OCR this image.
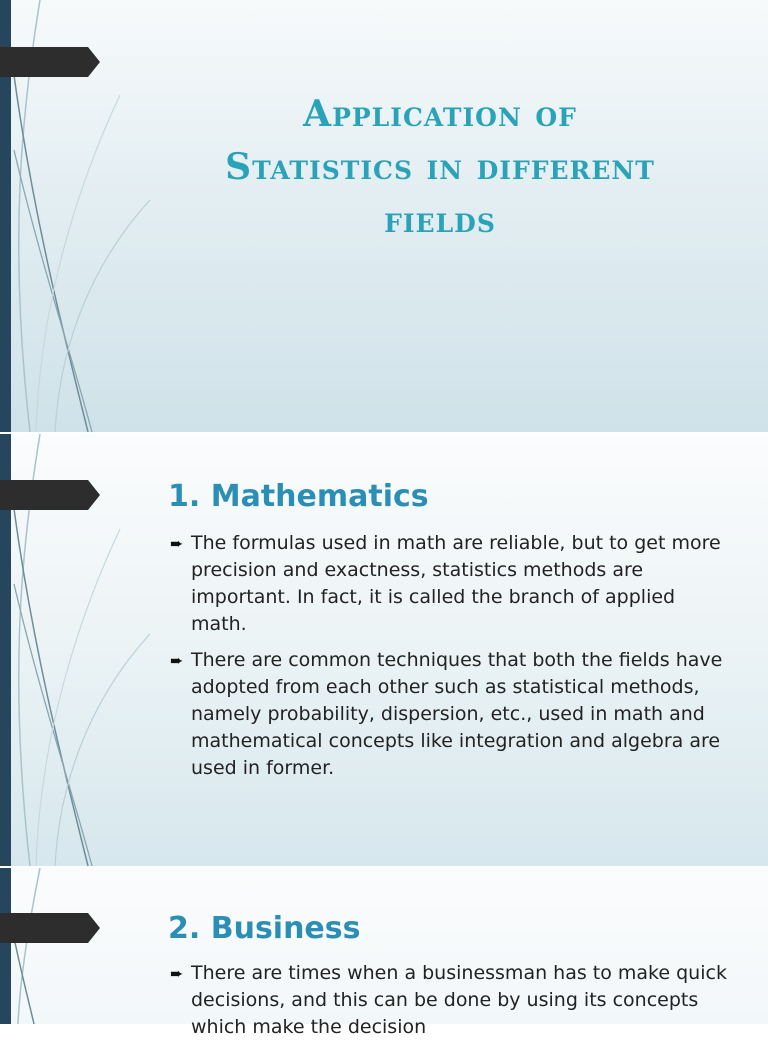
Application of
Statistics in different
fields
1. Mathematics
➨ The formulas used in math are reliable, but to get more precision and exactness, statistics methods are important. In fact, it is called the branch of applied math.
➨ There are common techniques that both the fields have adopted from each other such as statistical methods, namely probability, dispersion, etc., used in math and mathematical concepts like integration and algebra are used in former.
2. Business
➨ There are times when a businessman has to make quick decisions, and this can be done by using its concepts which make the decision
